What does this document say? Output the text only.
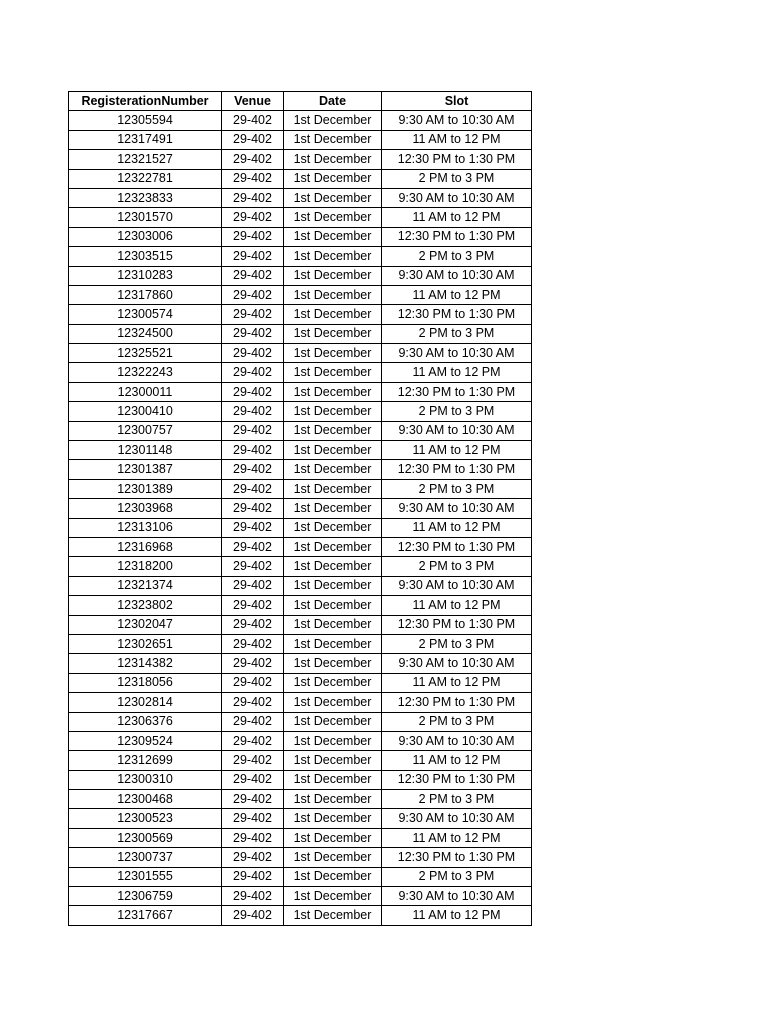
RegisterationNumber	Venue	Date	Slot
12305594	29-402	1st December	9:30 AM to 10:30 AM
12317491	29-402	1st December	11 AM to 12 PM
12321527	29-402	1st December	12:30 PM to 1:30 PM
12322781	29-402	1st December	2 PM to 3 PM
12323833	29-402	1st December	9:30 AM to 10:30 AM
12301570	29-402	1st December	11 AM to 12 PM
12303006	29-402	1st December	12:30 PM to 1:30 PM
12303515	29-402	1st December	2 PM to 3 PM
12310283	29-402	1st December	9:30 AM to 10:30 AM
12317860	29-402	1st December	11 AM to 12 PM
12300574	29-402	1st December	12:30 PM to 1:30 PM
12324500	29-402	1st December	2 PM to 3 PM
12325521	29-402	1st December	9:30 AM to 10:30 AM
12322243	29-402	1st December	11 AM to 12 PM
12300011	29-402	1st December	12:30 PM to 1:30 PM
12300410	29-402	1st December	2 PM to 3 PM
12300757	29-402	1st December	9:30 AM to 10:30 AM
12301148	29-402	1st December	11 AM to 12 PM
12301387	29-402	1st December	12:30 PM to 1:30 PM
12301389	29-402	1st December	2 PM to 3 PM
12303968	29-402	1st December	9:30 AM to 10:30 AM
12313106	29-402	1st December	11 AM to 12 PM
12316968	29-402	1st December	12:30 PM to 1:30 PM
12318200	29-402	1st December	2 PM to 3 PM
12321374	29-402	1st December	9:30 AM to 10:30 AM
12323802	29-402	1st December	11 AM to 12 PM
12302047	29-402	1st December	12:30 PM to 1:30 PM
12302651	29-402	1st December	2 PM to 3 PM
12314382	29-402	1st December	9:30 AM to 10:30 AM
12318056	29-402	1st December	11 AM to 12 PM
12302814	29-402	1st December	12:30 PM to 1:30 PM
12306376	29-402	1st December	2 PM to 3 PM
12309524	29-402	1st December	9:30 AM to 10:30 AM
12312699	29-402	1st December	11 AM to 12 PM
12300310	29-402	1st December	12:30 PM to 1:30 PM
12300468	29-402	1st December	2 PM to 3 PM
12300523	29-402	1st December	9:30 AM to 10:30 AM
12300569	29-402	1st December	11 AM to 12 PM
12300737	29-402	1st December	12:30 PM to 1:30 PM
12301555	29-402	1st December	2 PM to 3 PM
12306759	29-402	1st December	9:30 AM to 10:30 AM
12317667	29-402	1st December	11 AM to 12 PM
